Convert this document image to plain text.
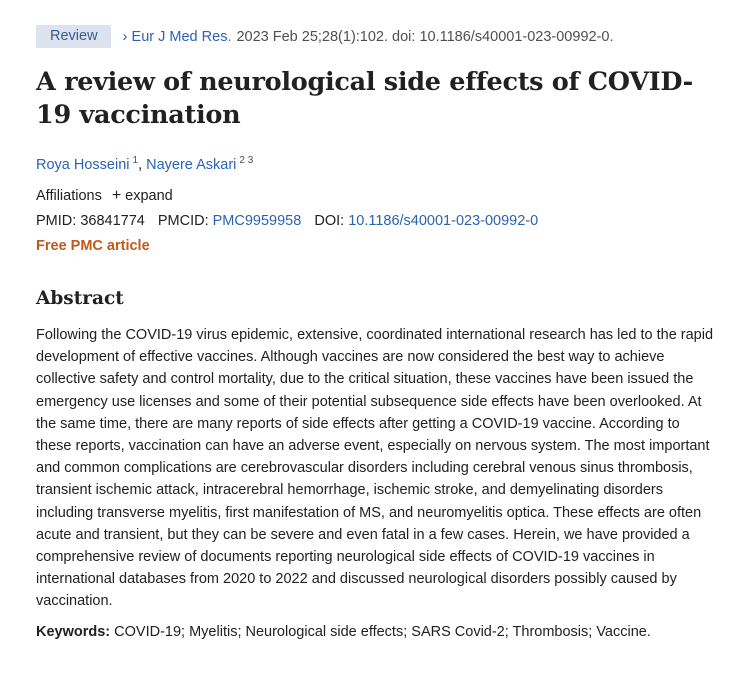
Review	› Eur J Med Res. 2023 Feb 25;28(1):102. doi: 10.1186/s40001-023-00992-0.
A review of neurological side effects of COVID-19 vaccination
Roya Hosseini $^1$, Nayere Askari $^{2 3}$
Affiliations + expand
PMID: 36841774 PMCID: PMC9959958 DOI: 10.1186/s40001-023-00992-0
Free PMC article
Abstract

Following the COVID-19 virus epidemic, extensive, coordinated international research has led to the rapid development of effective vaccines. Although vaccines are now considered the best way to achieve collective safety and control mortality, due to the critical situation, these vaccines have been issued the emergency use licenses and some of their potential subsequence side effects have been overlooked. At the same time, there are many reports of side effects after getting a COVID-19 vaccine. According to these reports, vaccination can have an adverse event, especially on nervous system. The most important and common complications are cerebrovascular disorders including cerebral venous sinus thrombosis, transient ischemic attack, intracerebral hemorrhage, ischemic stroke, and demyelinating disorders including transverse myelitis, first manifestation of MS, and neuromyelitis optica. These effects are often acute and transient, but they can be severe and even fatal in a few cases. Herein, we have provided a comprehensive review of documents reporting neurological side effects of COVID-19 vaccines in international databases from 2020 to 2022 and discussed neurological disorders possibly caused by vaccination.

Keywords: COVID-19; Myelitis; Neurological side effects; SARS Covid-2; Thrombosis; Vaccine.
